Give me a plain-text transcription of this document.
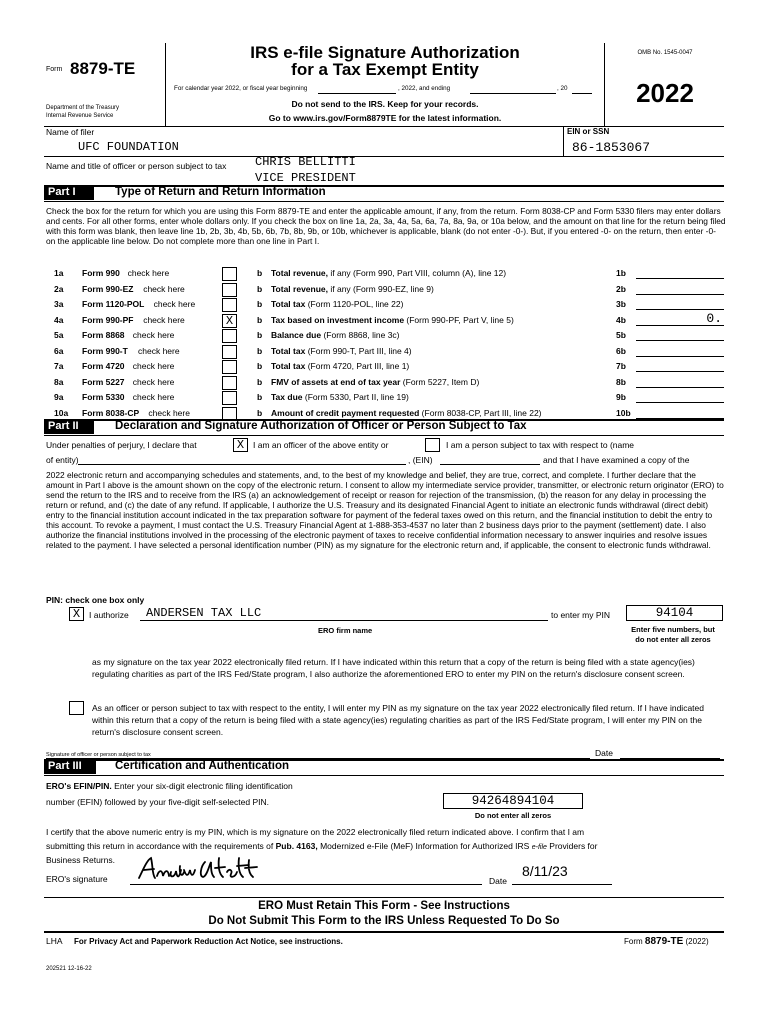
Form 8879-TE
Department of the Treasury
Internal Revenue Service
IRS e-file Signature Authorization
for a Tax Exempt Entity
For calendar year 2022, or fiscal year beginning	, 2022, and ending	, 20
Do not send to the IRS. Keep for your records.
Go to www.irs.gov/Form8879TE for the latest information.
OMB No. 1545-0047
2022
Name of filer
UFC FOUNDATION
EIN or SSN
86-1853067
Name and title of officer or person subject to tax CHRIS BELLITTI
VICE PRESIDENT
Part I	Type of Return and Return Information
Check the box for the return for which you are using this Form 8879-TE and enter the applicable amount, if any, from the return. Form 8038-CP and Form 5330 filers may enter dollars and cents. For all other forms, enter whole dollars only. If you check the box on line 1a, 2a, 3a, 4a, 5a, 6a, 7a, 8a, 9a, or 10a below, and the amount on that line for the return being filed with this form was blank, then leave line 1b, 2b, 3b, 4b, 5b, 6b, 7b, 8b, 9b, or 10b, whichever is applicable, blank (do not enter -0-). But, if you entered -0- on the return, then enter -0- on the applicable line below. Do not complete more than one line in Part I.
1a Form 990 check here	b Total revenue, if any (Form 990, Part VIII, column (A), line 12)	1b
2a Form 990-EZ check here	b Total revenue, if any (Form 990-EZ, line 9)	2b
3a Form 1120-POL check here	b Total tax (Form 1120-POL, line 22)	3b
4a Form 990-PF check here	X	b Tax based on investment income (Form 990-PF, Part V, line 5)	4b	0.
5a Form 8868 check here	b Balance due (Form 8868, line 3c)	5b
6a Form 990-T check here	b Total tax (Form 990-T, Part III, line 4)	6b
7a Form 4720 check here	b Total tax (Form 4720, Part III, line 1)	7b
8a Form 5227 check here	b FMV of assets at end of tax year (Form 5227, Item D)	8b
9a Form 5330 check here	b Tax due (Form 5330, Part II, line 19)	9b
10a Form 8038-CP check here	b Amount of credit payment requested (Form 8038-CP, Part III, line 22)	10b
Part II	Declaration and Signature Authorization of Officer or Person Subject to Tax
Under penalties of perjury, I declare that	X	I am an officer of the above entity or	I am a person subject to tax with respect to (name
of entity)	, (EIN)	and that I have examined a copy of the
2022 electronic return and accompanying schedules and statements, and, to the best of my knowledge and belief, they are true, correct, and complete. I further declare that the amount in Part I above is the amount shown on the copy of the electronic return. I consent to allow my intermediate service provider, transmitter, or electronic return originator (ERO) to send the return to the IRS and to receive from the IRS (a) an acknowledgement of receipt or reason for rejection of the transmission, (b) the reason for any delay in processing the return or refund, and (c) the date of any refund. If applicable, I authorize the U.S. Treasury and its designated Financial Agent to initiate an electronic funds withdrawal (direct debit) entry to the financial institution account indicated in the tax preparation software for payment of the federal taxes owed on this return, and the financial institution to debit the entry to this account. To revoke a payment, I must contact the U.S. Treasury Financial Agent at 1-888-353-4537 no later than 2 business days prior to the payment (settlement) date. I also authorize the financial institutions involved in the processing of the electronic payment of taxes to receive confidential information necessary to answer inquiries and resolve issues related to the payment. I have selected a personal identification number (PIN) as my signature for the electronic return and, if applicable, the consent to electronic funds withdrawal.
PIN: check one box only
X	I authorize ANDERSEN TAX LLC	to enter my PIN	94104
ERO firm name	Enter five numbers, but
do not enter all zeros
as my signature on the tax year 2022 electronically filed return. If I have indicated within this return that a copy of the return is being filed with a state agency(ies) regulating charities as part of the IRS Fed/State program, I also authorize the aforementioned ERO to enter my PIN on the return's disclosure consent screen.
As an officer or person subject to tax with respect to the entity, I will enter my PIN as my signature on the tax year 2022 electronically filed return. If I have indicated within this return that a copy of the return is being filed with a state agency(ies) regulating charities as part of the IRS Fed/State program, I will enter my PIN on the return's disclosure consent screen.
Signature of officer or person subject to tax	Date
Part III	Certification and Authentication
ERO's EFIN/PIN. Enter your six-digit electronic filing identification
number (EFIN) followed by your five-digit self-selected PIN.	94264894104
Do not enter all zeros
I certify that the above numeric entry is my PIN, which is my signature on the 2022 electronically filed return indicated above. I confirm that I am
submitting this return in accordance with the requirements of Pub. 4163, Modernized e-File (MeF) Information for Authorized IRS e-file Providers for
Business Returns.
ERO's signature	Date
8/11/23
ERO Must Retain This Form - See Instructions
Do Not Submit This Form to the IRS Unless Requested To Do So
LHA For Privacy Act and Paperwork Reduction Act Notice, see instructions.	Form 8879-TE (2022)
202521 12-16-22
